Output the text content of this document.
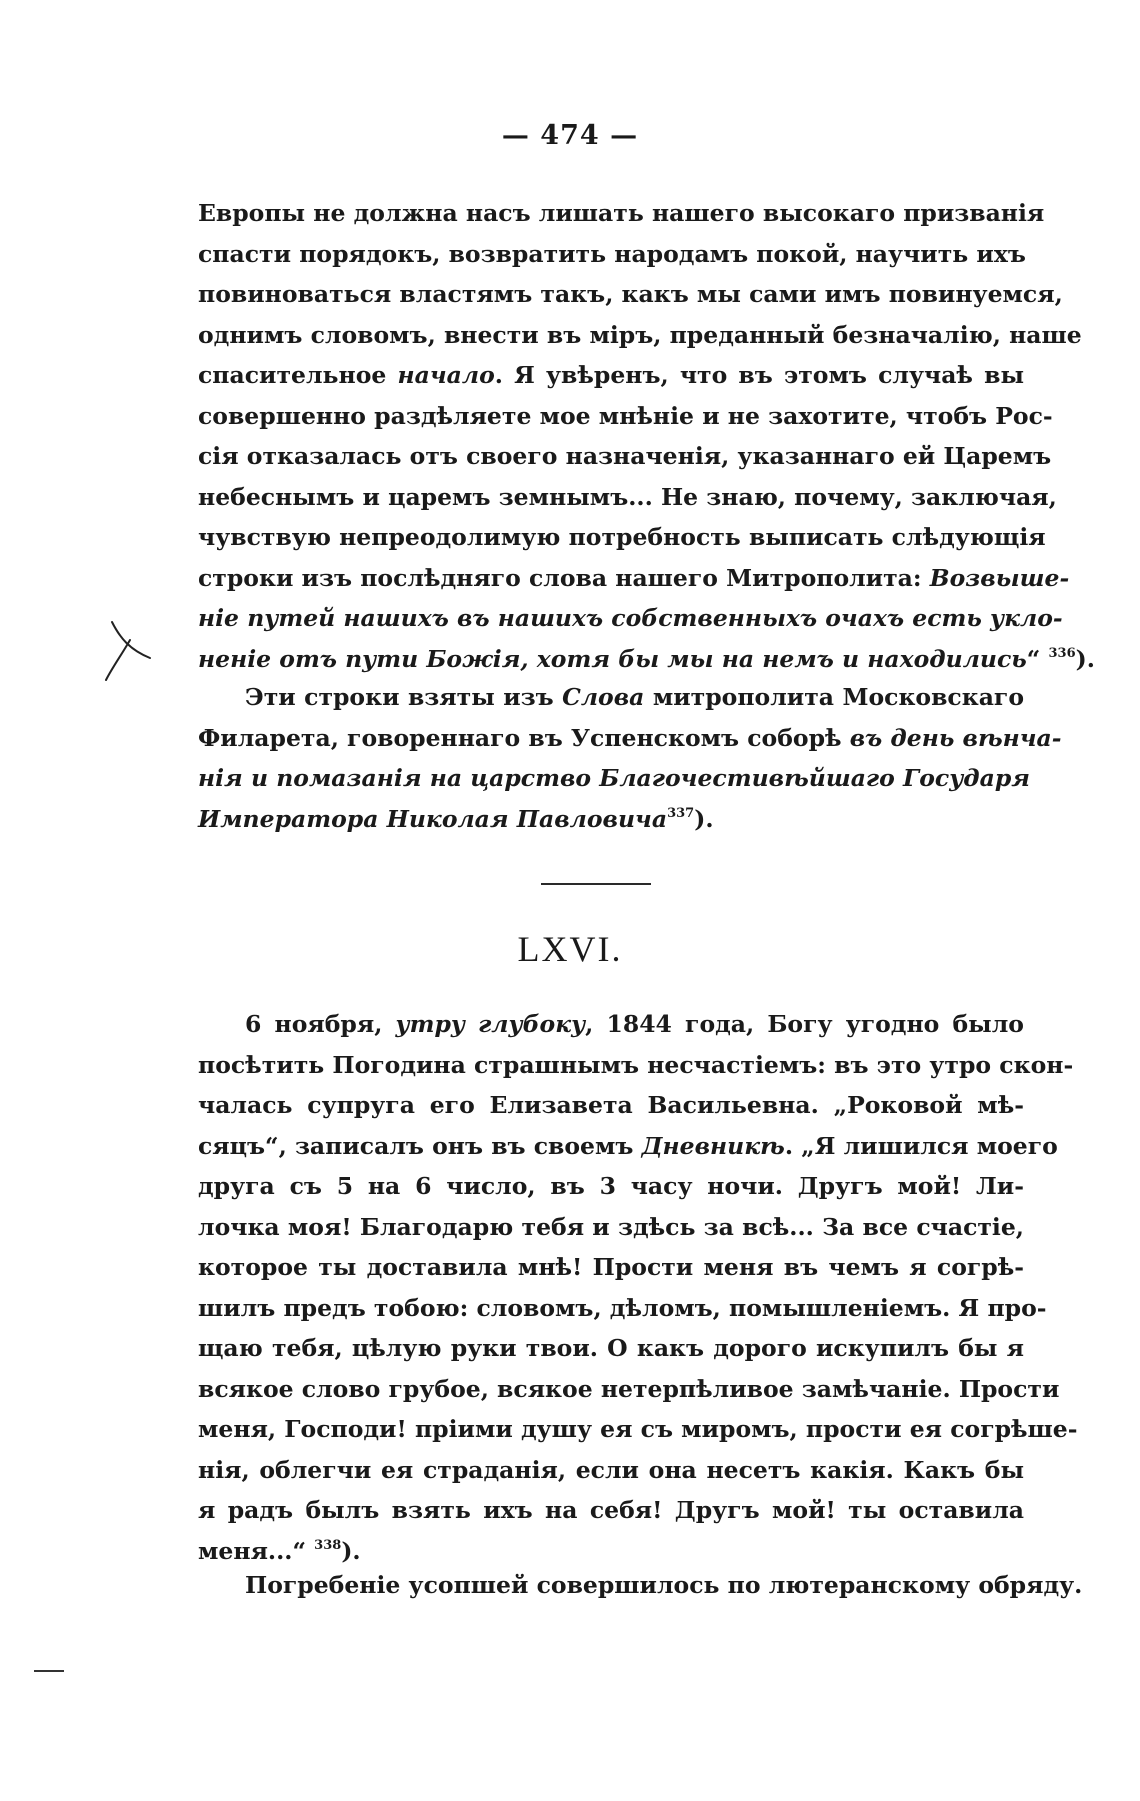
— 474 —
Европы не должна насъ лишать нашего высокаго призванія
спасти порядокъ, возвратить народамъ покой, научить ихъ
повиноваться властямъ такъ, какъ мы сами имъ повинуемся,
однимъ словомъ, внести въ міръ, преданный безначалію, наше
спасительное начало. Я увѣренъ, что въ этомъ случаѣ вы
совершенно раздѣляете мое мнѣніе и не захотите, чтобъ Рос-
сія отказалась отъ своего назначенія, указаннаго ей Царемъ
небеснымъ и царемъ земнымъ... Не знаю, почему, заключая,
чувствую непреодолимую потребность выписать слѣдующія
строки изъ послѣдняго слова нашего Митрополита: Возвыше-
ніе путей нашихъ въ нашихъ собственныхъ очахъ есть укло-
неніе отъ пути Божія, хотя бы мы на немъ и находились“ $^{336}$).
Эти строки взяты изъ Слова митрополита Московскаго
Филарета, говореннаго въ Успенскомъ соборѣ въ день вѣнча-
нія и помазанія на царство Благочестивѣйшаго Государя
Императора Николая Павловича$^{337}$).
LXVI.
6 ноября, утру глубоку, 1844 года, Богу угодно было
посѣтить Погодина страшнымъ несчастіемъ: въ это утро скон-
чалась супруга его Елизавета Васильевна. „Роковой мѣ-
сяцъ“, записалъ онъ въ своемъ Дневникѣ. „Я лишился моего
друга съ 5 на 6 число, въ 3 часу ночи. Другъ мой! Ли-
лочка моя! Благодарю тебя и здѣсь за всѣ... За все счастіе,
которое ты доставила мнѣ! Прости меня въ чемъ я согрѣ-
шилъ предъ тобою: словомъ, дѣломъ, помышленіемъ. Я про-
щаю тебя, цѣлую руки твои. О какъ дорого искупилъ бы я
всякое слово грубое, всякое нетерпѣливое замѣчаніе. Прости
меня, Господи! пріими душу ея съ миромъ, прости ея согрѣше-
нія, облегчи ея страданія, если она несетъ какія. Какъ бы
я радъ былъ взять ихъ на себя! Другъ мой! ты оставила
меня...“ $^{338}$).
Погребеніе усопшей совершилось по лютеранскому обряду.
